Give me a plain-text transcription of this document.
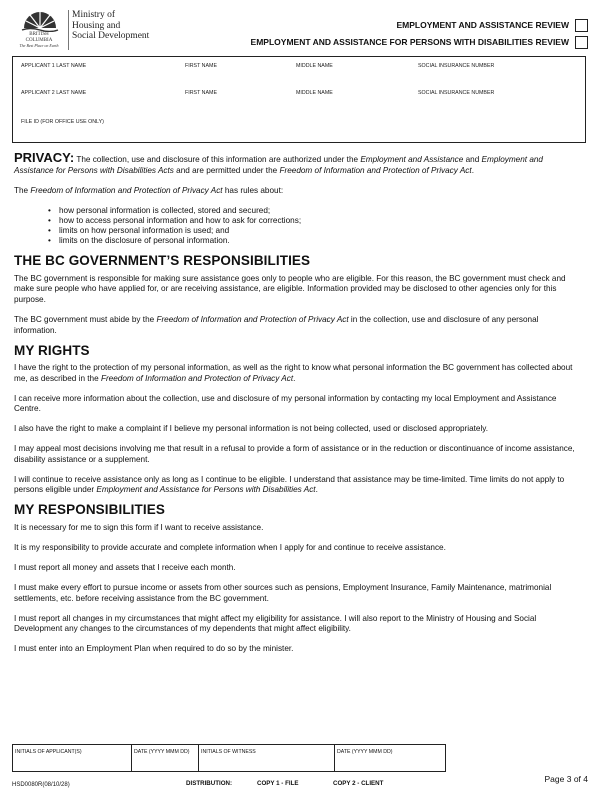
BRITISH
COLUMBIA
The Best Place on Earth
Ministry of
Housing and
Social Development
EMPLOYMENT AND ASSISTANCE REVIEW
EMPLOYMENT AND ASSISTANCE FOR PERSONS WITH DISABILITIES REVIEW
APPLICANT 1 LAST NAME	FIRST NAME	MIDDLE NAME	SOCIAL INSURANCE NUMBER
APPLICANT 2 LAST NAME	FIRST NAME	MIDDLE NAME	SOCIAL INSURANCE NUMBER
FILE ID (FOR OFFICE USE ONLY)

PRIVACY: The collection, use and disclosure of this information are authorized under the Employment and Assistance and Employment and Assistance for Persons with Disabilities Acts and are permitted under the Freedom of Information and Protection of Privacy Act.

The Freedom of Information and Protection of Privacy Act has rules about:

• how personal information is collected, stored and secured;
• how to access personal information and how to ask for corrections;
• limits on how personal information is used; and
• limits on the disclosure of personal information.
THE BC GOVERNMENT’S RESPONSIBILITIES

The BC government is responsible for making sure assistance goes only to people who are eligible. For this reason, the BC government must check and make sure people who have applied for, or are receiving assistance, are eligible. Information provided may be disclosed to other agencies only for this purpose.

The BC government must abide by the Freedom of Information and Protection of Privacy Act in the collection, use and disclosure of any personal information.

MY RIGHTS

I have the right to the protection of my personal information, as well as the right to know what personal information the BC government has collected about me, as described in the Freedom of Information and Protection of Privacy Act.

I can receive more information about the collection, use and disclosure of my personal information by contacting my local Employment and Assistance Centre.

I also have the right to make a complaint if I believe my personal information is not being collected, used or disclosed appropriately.

I may appeal most decisions involving me that result in a refusal to provide a form of assistance or in the reduction or discontinuance of income assistance, disability assistance or a supplement.

I will continue to receive assistance only as long as I continue to be eligible. I understand that assistance may be time-limited. Time limits do not apply to persons eligible under Employment and Assistance for Persons with Disabilities Act.

MY RESPONSIBILITIES

It is necessary for me to sign this form if I want to receive assistance.

It is my responsibility to provide accurate and complete information when I apply for and continue to receive assistance.

I must report all money and assets that I receive each month.

I must make every effort to pursue income or assets from other sources such as pensions, Employment Insurance, Family Maintenance, matrimonial settlements, etc. before receiving assistance from the BC government.

I must report all changes in my circumstances that might affect my eligibility for assistance. I will also report to the Ministry of Housing and Social Development any changes to the circumstances of my dependents that might affect eligibility.

I must enter into an Employment Plan when required to do so by the minister.

INITIALS OF APPLICANT(S)	DATE (YYYY MMM DD)	INITIALS OF WITNESS	DATE (YYYY MMM DD)
HSD0080R(08/10/28)	DISTRIBUTION:	COPY 1 - FILE	COPY 2 - CLIENT	Page 3 of 4
